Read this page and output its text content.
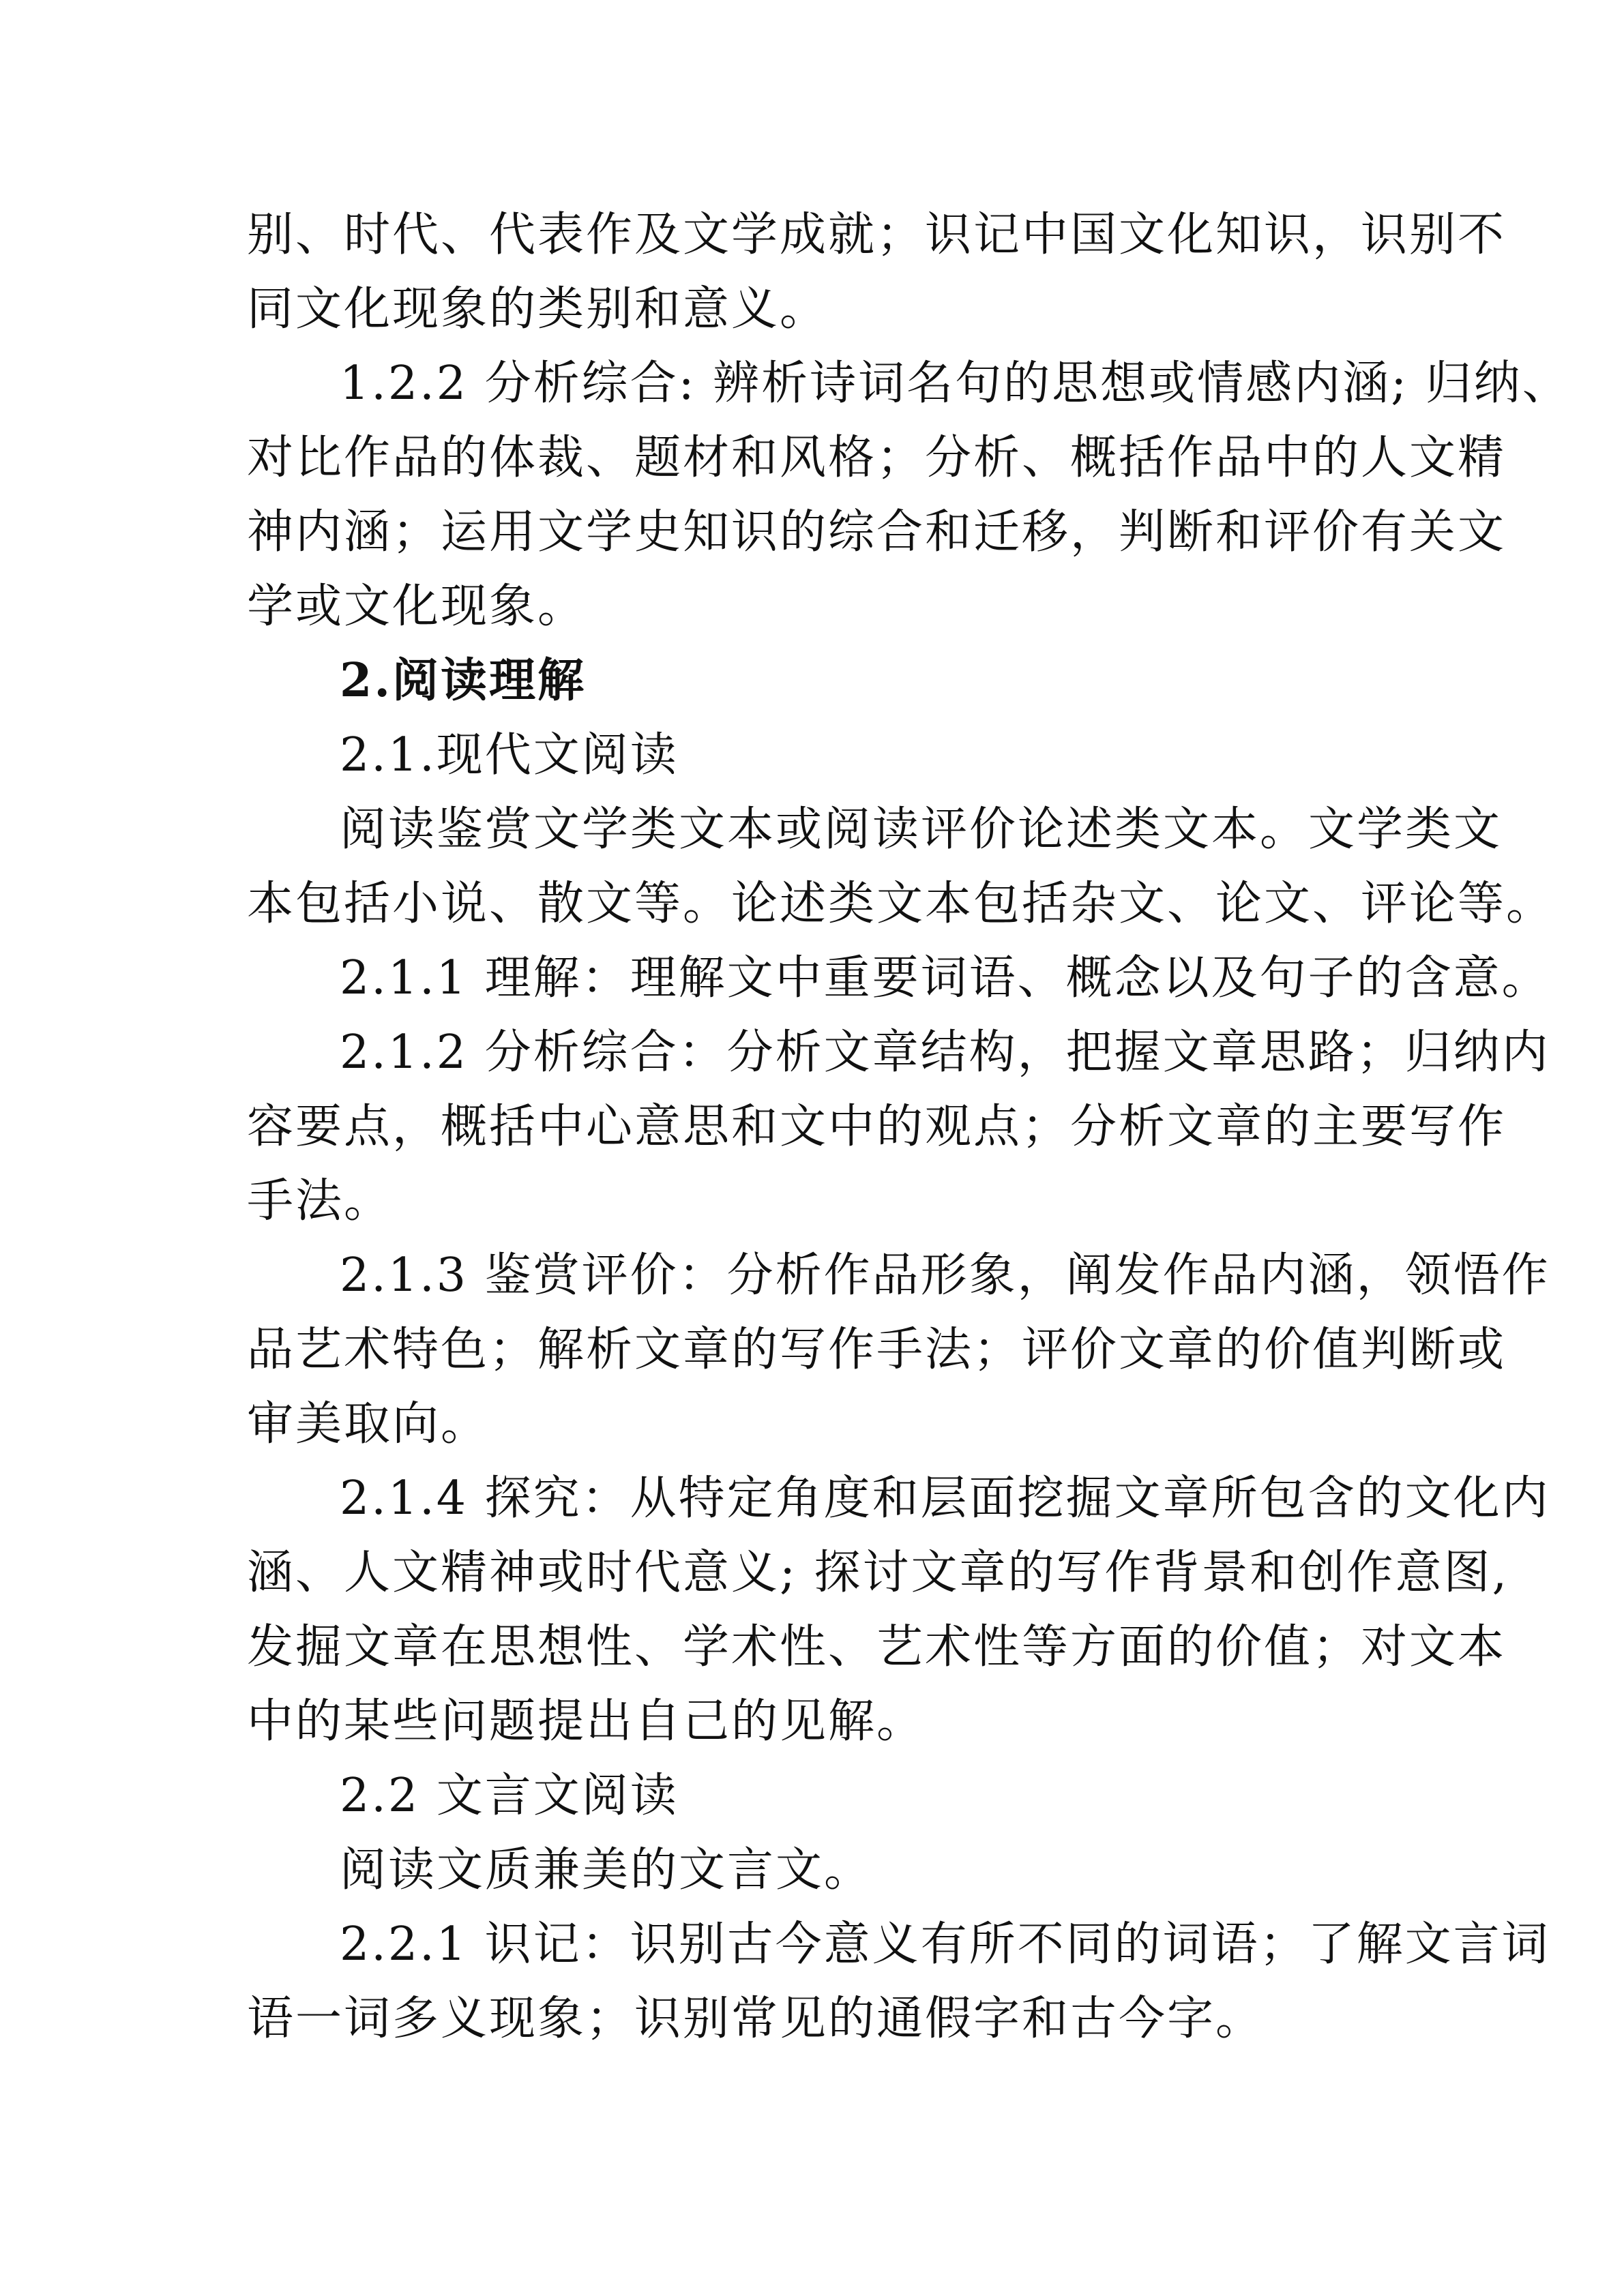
别、时代、代表作及文学成就；识记中国文化知识，识别不
同文化现象的类别和意义。
1.2.2 分析综合: 辨析诗词名句的思想或情感内涵; 归纳、
对比作品的体裁、题材和风格；分析、概括作品中的人文精
神内涵；运用文学史知识的综合和迁移，判断和评价有关文
学或文化现象。
2.阅读理解
2.1.现代文阅读
阅读鉴赏文学类文本或阅读评价论述类文本。文学类文
本包括小说、散文等。论述类文本包括杂文、论文、评论等。
2.1.1 理解：理解文中重要词语、概念以及句子的含意。
2.1.2 分析综合：分析文章结构，把握文章思路；归纳内
容要点，概括中心意思和文中的观点；分析文章的主要写作
手法。
2.1.3 鉴赏评价：分析作品形象，阐发作品内涵，领悟作
品艺术特色；解析文章的写作手法；评价文章的价值判断或
审美取向。
2.1.4 探究：从特定角度和层面挖掘文章所包含的文化内
涵、人文精神或时代意义; 探讨文章的写作背景和创作意图,
发掘文章在思想性、学术性、艺术性等方面的价值；对文本
中的某些问题提出自己的见解。
2.2 文言文阅读
阅读文质兼美的文言文。
2.2.1 识记：识别古今意义有所不同的词语；了解文言词
语一词多义现象；识别常见的通假字和古今字。
